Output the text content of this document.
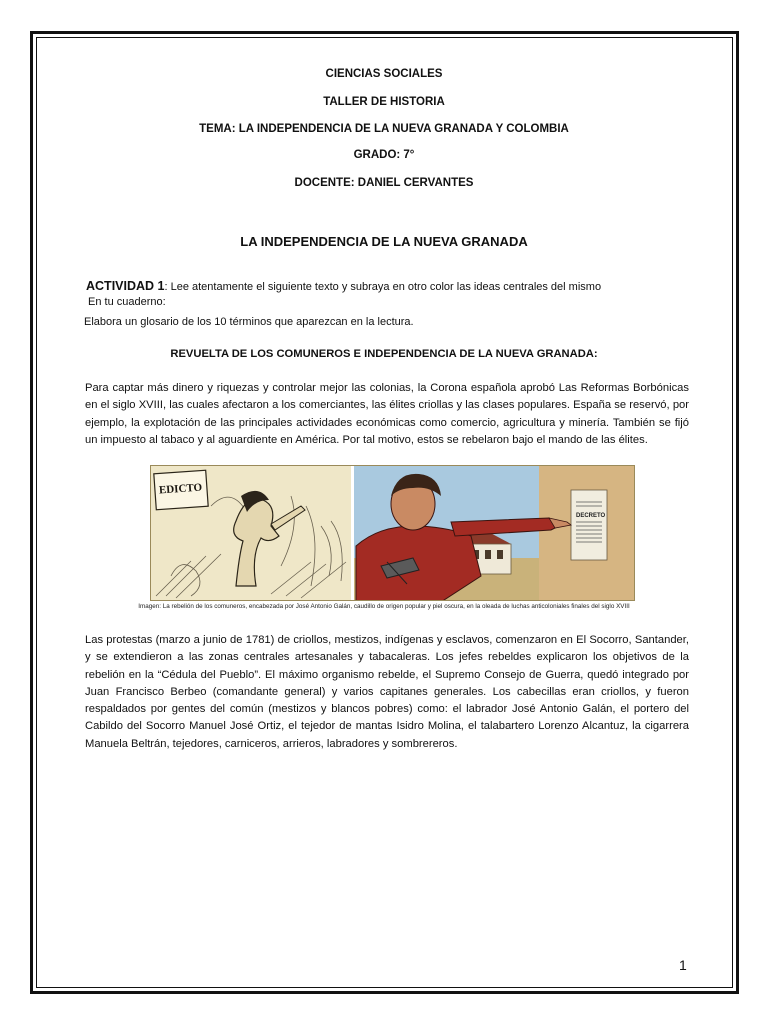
CIENCIAS SOCIALES
TALLER DE HISTORIA
TEMA: LA INDEPENDENCIA DE LA NUEVA GRANADA Y COLOMBIA
GRADO: 7°
DOCENTE: DANIEL CERVANTES
LA INDEPENDENCIA DE LA NUEVA GRANADA
ACTIVIDAD 1: Lee atentamente el siguiente texto y subraya en otro color las ideas centrales del mismo
En tu cuaderno:
Elabora un glosario de los 10 términos que aparezcan en la lectura.
REVUELTA DE LOS COMUNEROS E INDEPENDENCIA DE LA NUEVA GRANADA:
Para captar más dinero y riquezas y controlar mejor las colonias, la Corona española aprobó Las Reformas Borbónicas en el siglo XVIII, las cuales afectaron a los comerciantes, las élites criollas y las clases populares. España se reservó, por ejemplo, la explotación de las principales actividades económicas como comercio, agricultura y minería. También se fijó un impuesto al tabaco y al aguardiente en América. Por tal motivo, estos se rebelaron bajo el mando de las élites.
EDICTO
DECRETO
Imagen: La rebelión de los comuneros, encabezada por José Antonio Galán, caudillo de origen popular y piel oscura, en la oleada de luchas anticoloniales finales del siglo XVIII
Las protestas (marzo a junio de 1781) de criollos, mestizos, indígenas y esclavos, comenzaron en El Socorro, Santander, y se extendieron a las zonas centrales artesanales y tabacaleras. Los jefes rebeldes explicaron los objetivos de la rebelión en la “Cédula del Pueblo”. El máximo organismo rebelde, el Supremo Consejo de Guerra, quedó integrado por Juan Francisco Berbeo (comandante general) y varios capitanes generales. Los cabecillas eran criollos, y fueron respaldados por gentes del común (mestizos y blancos pobres) como: el labrador José Antonio Galán, el portero del Cabildo del Socorro Manuel José Ortiz, el tejedor de mantas Isidro Molina, el talabartero Lorenzo Alcantuz, la cigarrera Manuela Beltrán, tejedores, carniceros, arrieros, labradores y sombrereros.
1
